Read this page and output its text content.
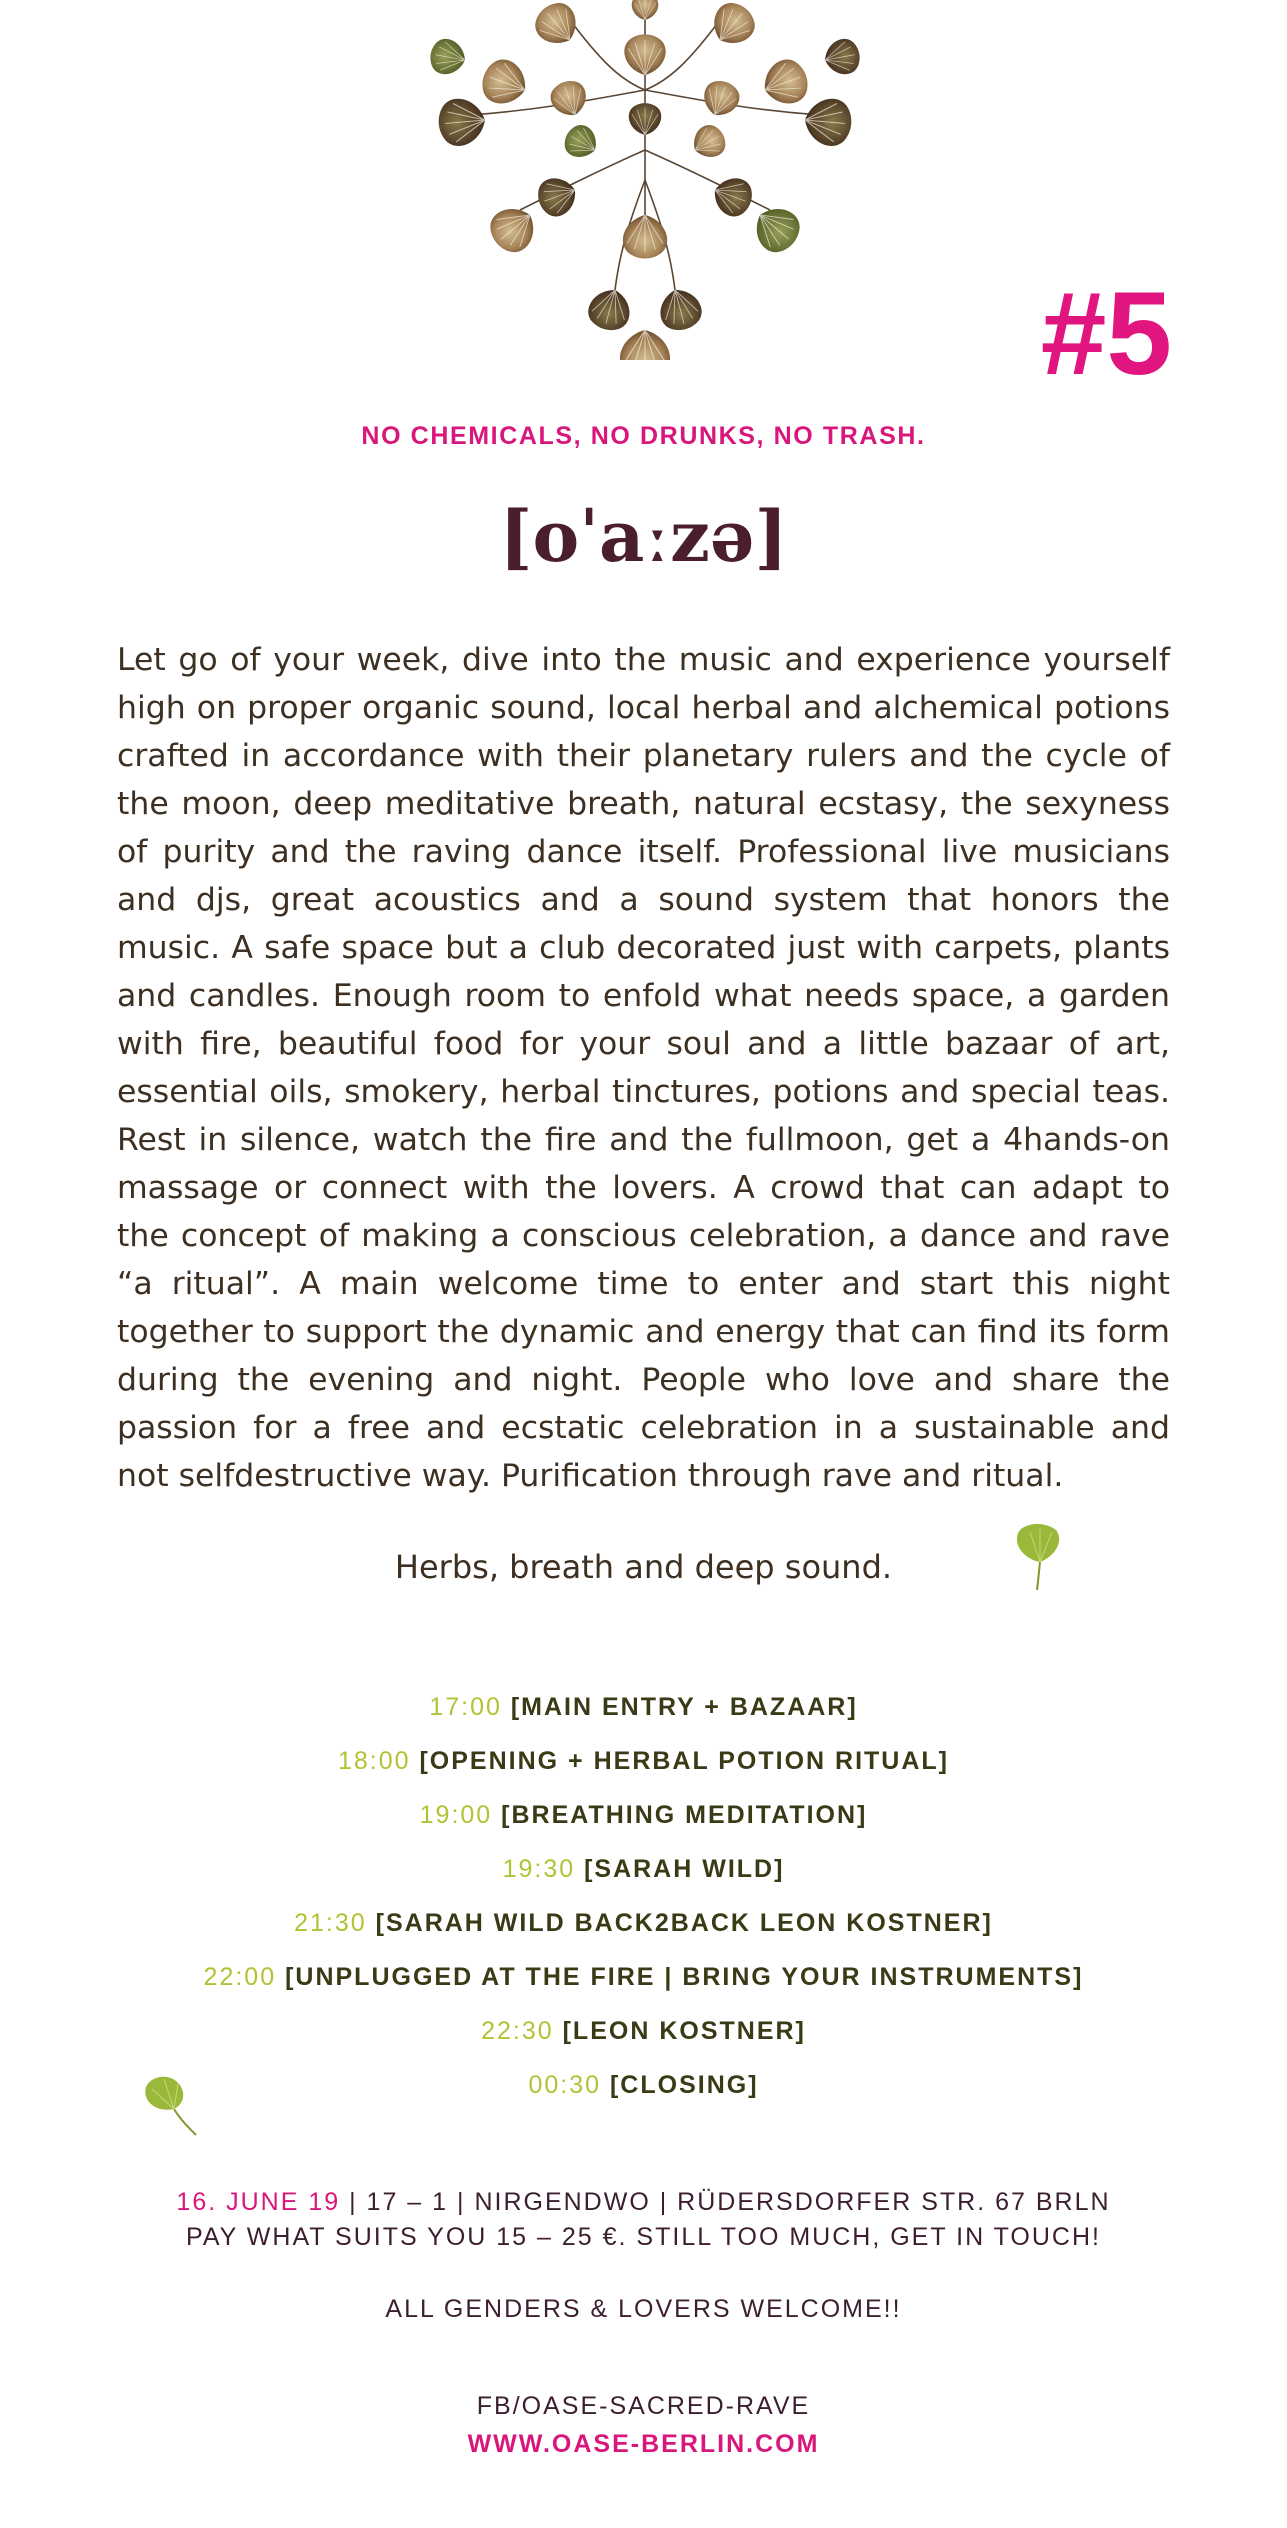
#5
NO CHEMICALS, NO DRUNKS, NO TRASH.
[oˈaːzə]

Let go of your week, dive into the music and experience yourself high on proper organic sound, local herbal and alchemical potions crafted in accordance with their planetary rulers and the cycle of the moon, deep meditative breath, natural ecstasy, the sexyness of purity and the raving dance itself. Professional live musicians and djs, great acoustics and a sound system that honors the music. A safe space but a club decorated just with carpets, plants and candles. Enough room to enfold what needs space, a garden with fire, beautiful food for your soul and a little bazaar of art, essential oils, smokery, herbal tinctures, potions and special teas. Rest in silence, watch the fire and the fullmoon, get a 4hands-on massage or connect with the lovers. A crowd that can adapt to the concept of making a conscious celebration, a dance and rave “a ritual”. A main welcome time to enter and start this night together to support the dynamic and energy that can find its form during the evening and night. People who love and share the passion for a free and ecstatic celebration in a sustainable and not selfdestructive way. Purification through rave and ritual.

Herbs, breath and deep sound.
17:00 [MAIN ENTRY + BAZAAR]
18:00 [OPENING + HERBAL POTION RITUAL]
19:00 [BREATHING MEDITATION]
19:30 [SARAH WILD]
21:30 [SARAH WILD BACK2BACK LEON KOSTNER]
22:00 [UNPLUGGED AT THE FIRE | BRING YOUR INSTRUMENTS]
22:30 [LEON KOSTNER]
00:30 [CLOSING]
16. JUNE 19 | 17 – 1 | NIRGENDWO | RÜDERSDORFER STR. 67 BRLN
PAY WHAT SUITS YOU 15 – 25 €. STILL TOO MUCH, GET IN TOUCH!
ALL GENDERS & LOVERS WELCOME!!
FB/OASE-SACRED-RAVE
WWW.OASE-BERLIN.COM
